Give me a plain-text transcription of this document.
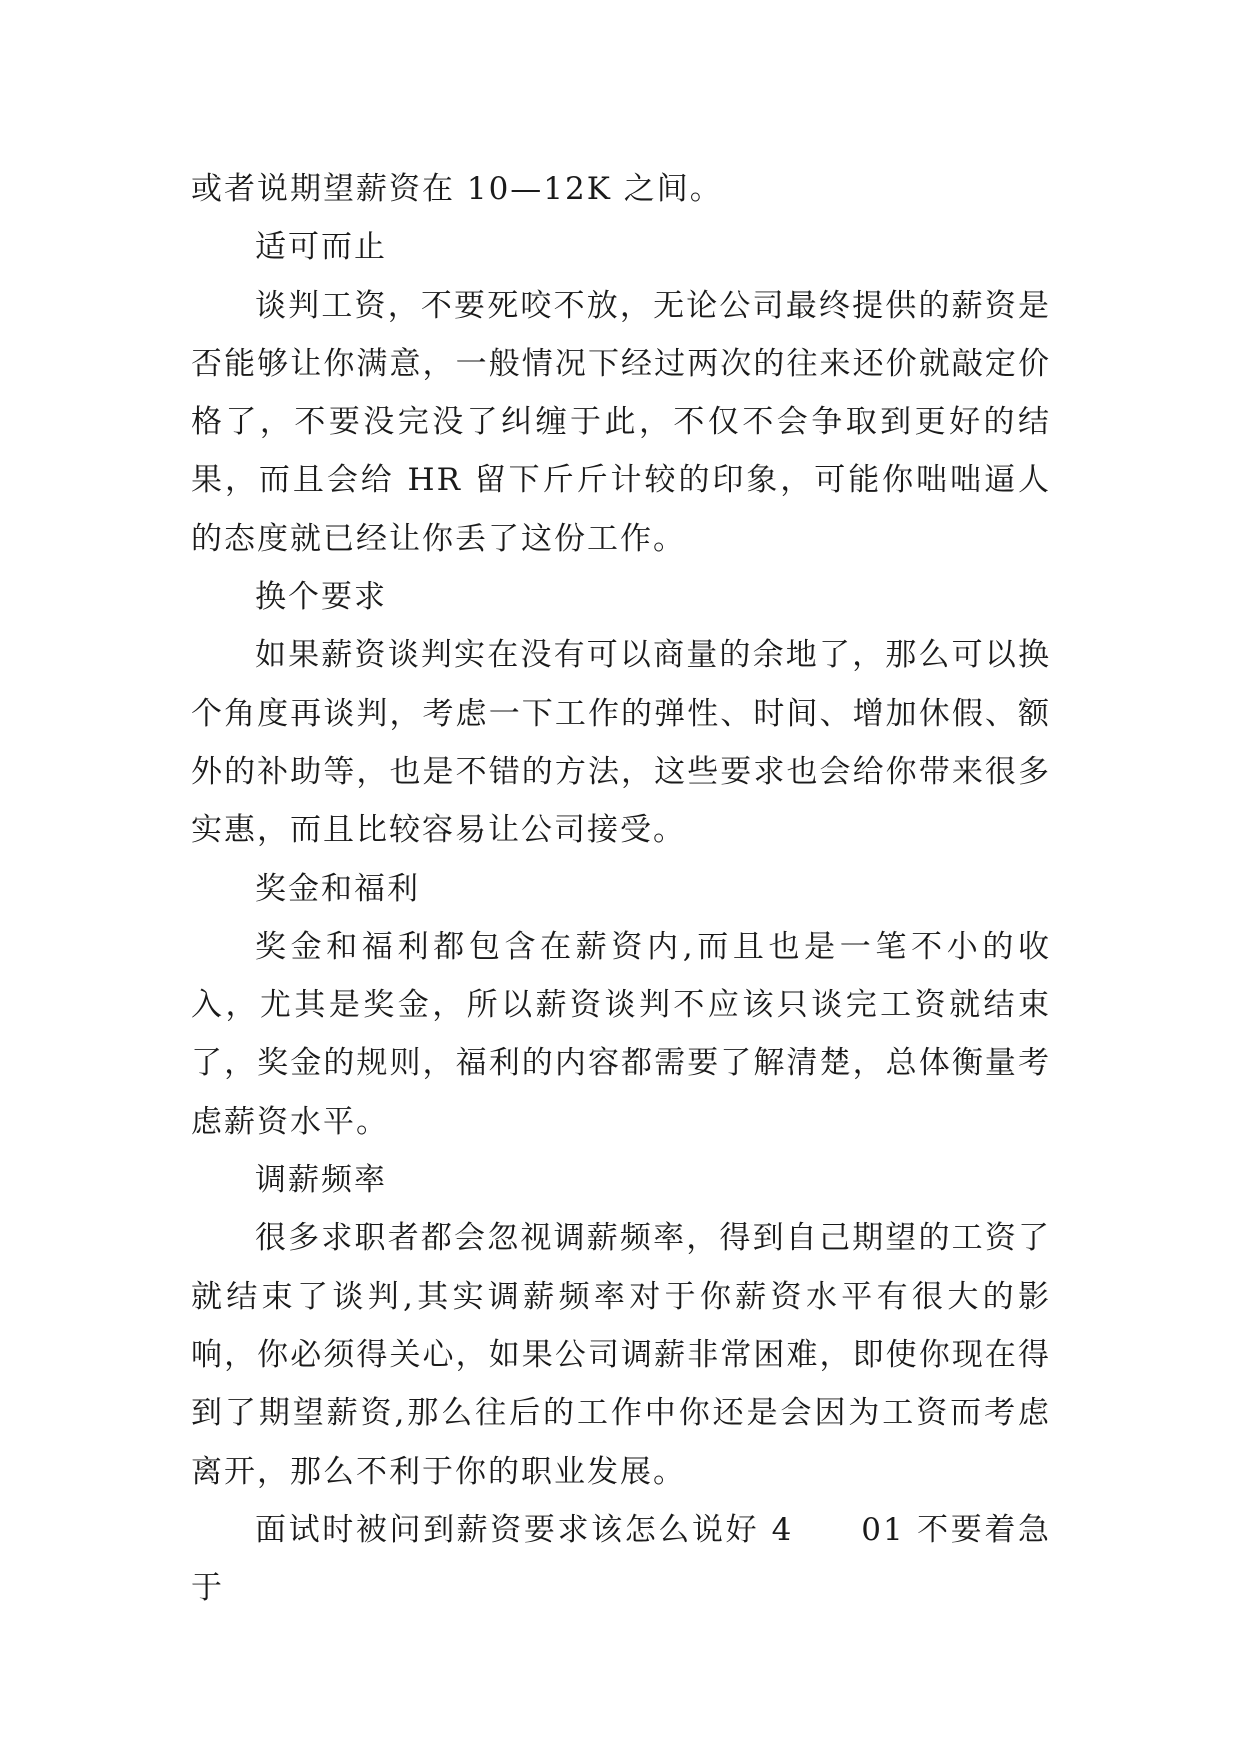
或者说期望薪资在 10—12K 之间。

适可而止

谈判工资，不要死咬不放，无论公司最终提供的薪资是否能够让你满意，一般情况下经过两次的往来还价就敲定价格了，不要没完没了纠缠于此，不仅不会争取到更好的结果，而且会给 HR 留下斤斤计较的印象，可能你咄咄逼人的态度就已经让你丢了这份工作。

换个要求

如果薪资谈判实在没有可以商量的余地了，那么可以换个角度再谈判，考虑一下工作的弹性、时间、增加休假、额外的补助等，也是不错的方法，这些要求也会给你带来很多实惠，而且比较容易让公司接受。

奖金和福利

奖金和福利都包含在薪资内,而且也是一笔不小的收入，尤其是奖金，所以薪资谈判不应该只谈完工资就结束了，奖金的规则，福利的内容都需要了解清楚，总体衡量考虑薪资水平。

调薪频率

很多求职者都会忽视调薪频率，得到自己期望的工资了就结束了谈判,其实调薪频率对于你薪资水平有很大的影响，你必须得关心，如果公司调薪非常困难，即使你现在得到了期望薪资,那么往后的工作中你还是会因为工资而考虑离开，那么不利于你的职业发展。

面试时被问到薪资要求该怎么说好 4　　01 不要着急于
